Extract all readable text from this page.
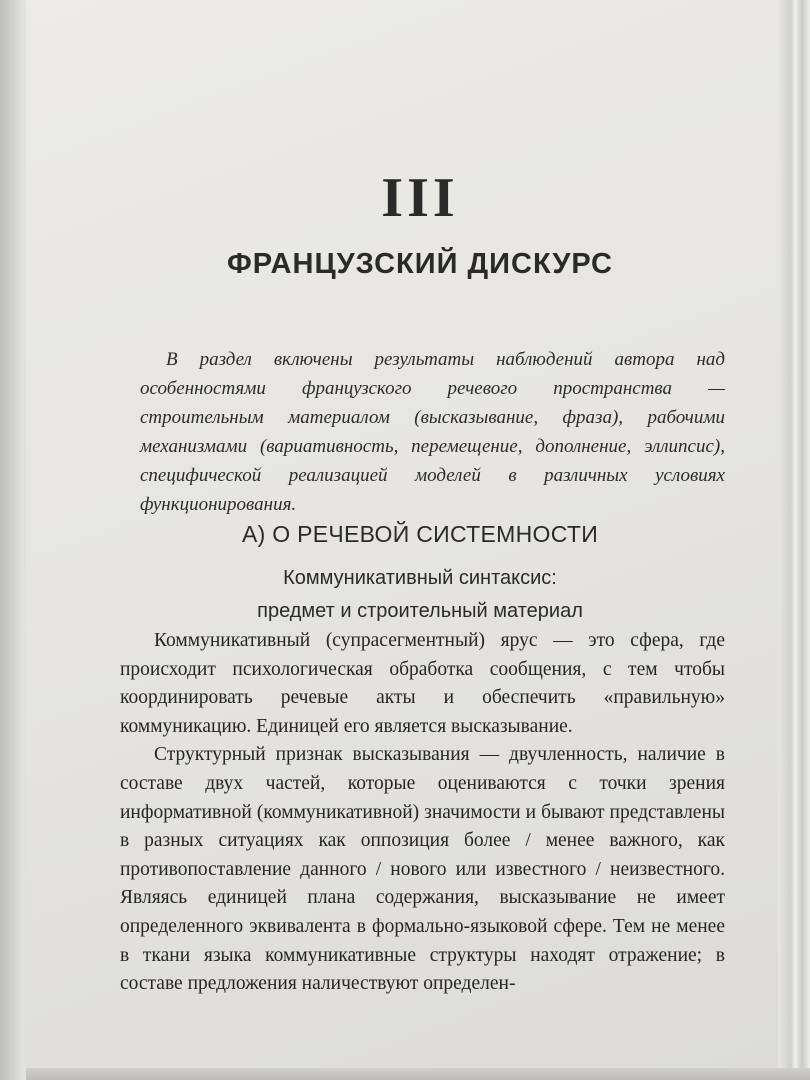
III
ФРАНЦУЗСКИЙ ДИСКУРС
В раздел включены результаты наблюдений автора над особенностями французского речевого пространства — строительным материалом (высказывание, фраза), рабочими механизмами (вариативность, перемещение, дополнение, эллипсис), специфической реализацией моделей в различных условиях функционирования.
А) О РЕЧЕВОЙ СИСТЕМНОСТИ
Коммуникативный синтаксис:
предмет и строительный материал

Коммуникативный (супрасегментный) ярус — это сфера, где происходит психологическая обработка сообщения, с тем чтобы координировать речевые акты и обеспечить «правильную» коммуникацию. Единицей его является высказывание.

Структурный признак высказывания — двучленность, наличие в составе двух частей, которые оцениваются с точки зрения информативной (коммуникативной) значимости и бывают представлены в разных ситуациях как оппозиция более / менее важного, как противопоставление данного / нового или известного / неизвестного. Являясь единицей плана содержания, высказывание не имеет определенного эквивалента в формально-языковой сфере. Тем не менее в ткани языка коммуникативные структуры находят отражение; в составе предложения наличествуют определен-
